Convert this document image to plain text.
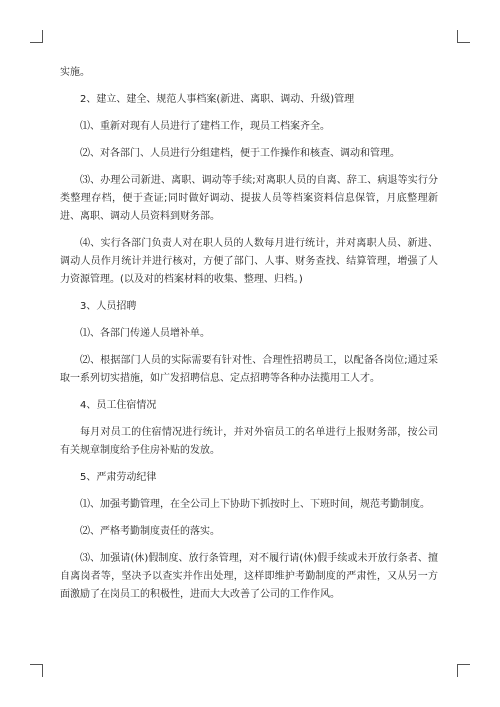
实施。

2、建立、建全、规范人事档案(新进、离职、调动、升级)管理

⑴、重新对现有人员进行了建档工作，现员工档案齐全。

⑵、对各部门、人员进行分组建档，便于工作操作和核查、调动和管理。

⑶、办理公司新进、离职、调动等手续;对离职人员的自离、辞工、病退等实行分类整理存档，便于查证;同时做好调动、提拔人员等档案资料信息保管，月底整理新进、离职、调动人员资料到财务部。

⑷、实行各部门负责人对在职人员的人数每月进行统计，并对离职人员、新进、调动人员作月统计并进行核对，方便了部门、人事、财务查找、结算管理，增强了人力资源管理。(以及对的档案材料的收集、整理、归档。)

3、人员招聘

⑴、各部门传递人员增补单。

⑵、根据部门人员的实际需要有针对性、合理性招聘员工，以配备各岗位;通过采取一系列切实措施，如广发招聘信息、定点招聘等各种办法揽用工人才。

4、员工住宿情况

每月对员工的住宿情况进行统计，并对外宿员工的名单进行上报财务部，按公司有关规章制度给予住房补贴的发放。

5、严肃劳动纪律

⑴、加强考勤管理，在全公司上下协助下抓按时上、下班时间，规范考勤制度。

⑵、严格考勤制度责任的落实。

⑶、加强请(休)假制度、放行条管理，对不履行请(休)假手续或未开放行条者、擅自离岗者等，坚决予以查实并作出处理，这样即维护考勤制度的严肃性，又从另一方面激励了在岗员工的积极性，进而大大改善了公司的工作作风。
